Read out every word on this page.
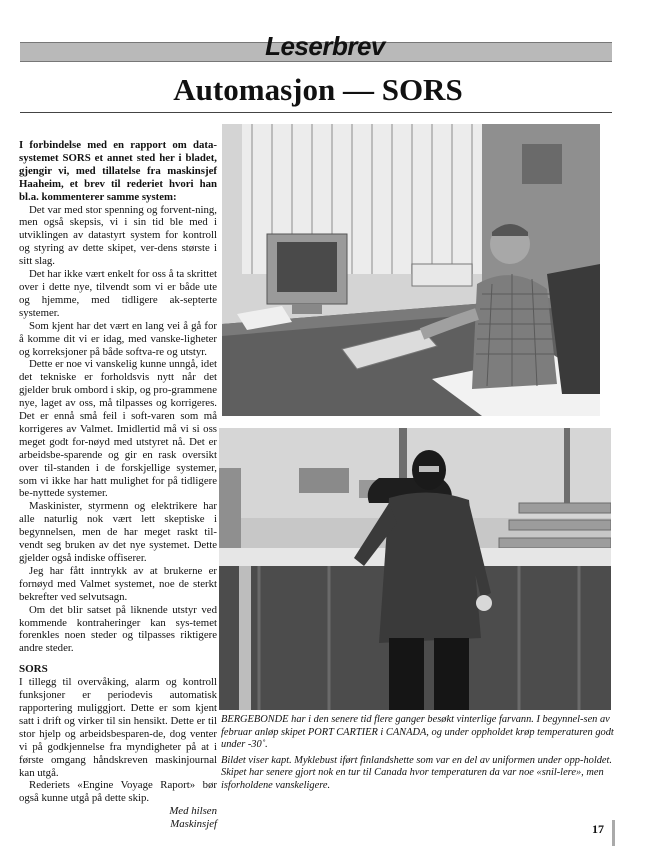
Leserbrev
Automasjon — SORS

I forbindelse med en rapport om data-systemet SORS et annet sted her i bladet, gjengir vi, med tillatelse fra maskinsjef Haaheim, et brev til rederiet hvori han bl.a. kommenterer samme system:

Det var med stor spenning og forvent-ning, men også skepsis, vi i sin tid ble med i utviklingen av datastyrt system for kontroll og styring av dette skipet, ver-dens største i sitt slag.

Det har ikke vært enkelt for oss å ta skrittet over i dette nye, tilvendt som vi er både ute og hjemme, med tidligere ak-septerte systemer.

Som kjent har det vært en lang vei å gå for å komme dit vi er idag, med vanske-ligheter og korreksjoner på både softva-re og utstyr.

Dette er noe vi vanskelig kunne unngå, idet det tekniske er forholdsvis nytt når det gjelder bruk ombord i skip, og pro-grammene nye, laget av oss, må tilpasses og korrigeres. Det er ennå små feil i soft-varen som må korrigeres av Valmet. Imidlertid må vi si oss meget godt for-nøyd med utstyret nå. Det er arbeidsbe-sparende og gir en rask oversikt over til-standen i de forskjellige systemer, som vi ikke har hatt mulighet for på tidligere be-nyttede systemer.

Maskinister, styrmenn og elektrikere har alle naturlig nok vært lett skeptiske i begynnelsen, men de har meget raskt til-vendt seg bruken av det nye systemet. Dette gjelder også indiske offiserer.

Jeg har fått inntrykk av at brukerne er fornøyd med Valmet systemet, noe de sterkt bekrefter ved selvutsagn.

Om det blir satset på liknende utstyr ved kommende kontraheringer kan sys-temet forenkles noen steder og tilpasses riktigere andre steder.

SORS

I tillegg til overvåking, alarm og kontroll funksjoner er periodevis automatisk rapportering muliggjort. Dette er som kjent satt i drift og virker til sin hensikt. Dette er til stor hjelp og arbeidsbesparen-de, dog venter vi på godkjennelse fra myndigheter på at i første omgang håndskreven maskinjournal kan utgå.

Rederiets «Engine Voyage Raport» bør også kunne utgå på dette skip.

Med hilsen

Maskinsjef

BERGEBONDE har i den senere tid flere ganger besøkt vinterlige farvann. I begynnel-sen av februar anløp skipet PORT CARTIER i CANADA, og under oppholdet krøp temperaturen godt under -30˚.

Bildet viser kapt. Myklebust iført finlandshette som var en del av uniformen under opp-holdet. Skipet har senere gjort nok en tur til Canada hvor temperaturen da var noe «snil-lere», men isforholdene vanskeligere.

17
